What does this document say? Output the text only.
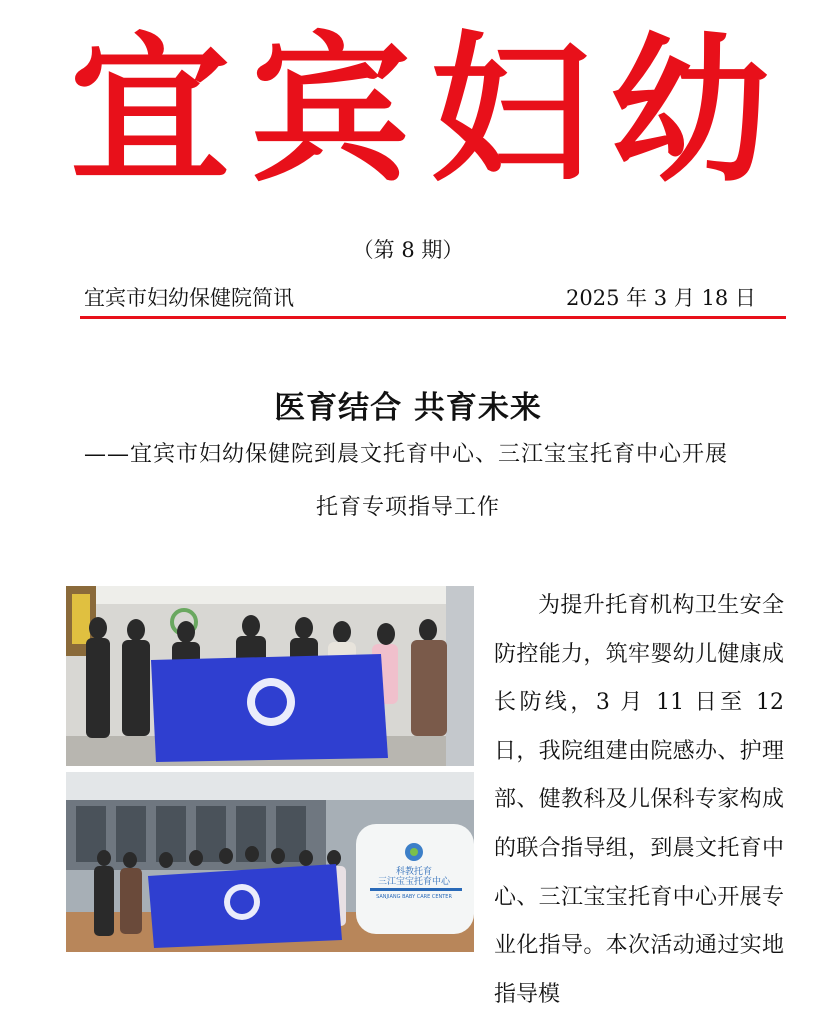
宜 宾 妇 幼
（第 8 期）
宜宾市妇幼保健院简讯	2025 年 3 月 18 日
医育结合 共育未来
——宜宾市妇幼保健院到晨文托育中心、三江宝宝托育中心开展
托育专项指导工作
科教托育
三江宝宝托育中心
SANJIANG BABY CARE CENTER

为提升托育机构卫生安全防控能力，筑牢婴幼儿健康成长防线，3 月 11 日至 12 日，我院组建由院感办、护理部、健教科及儿保科专家构成的联合指导组，到晨文托育中心、三江宝宝托育中心开展专业化指导。本次活动通过实地指导模
